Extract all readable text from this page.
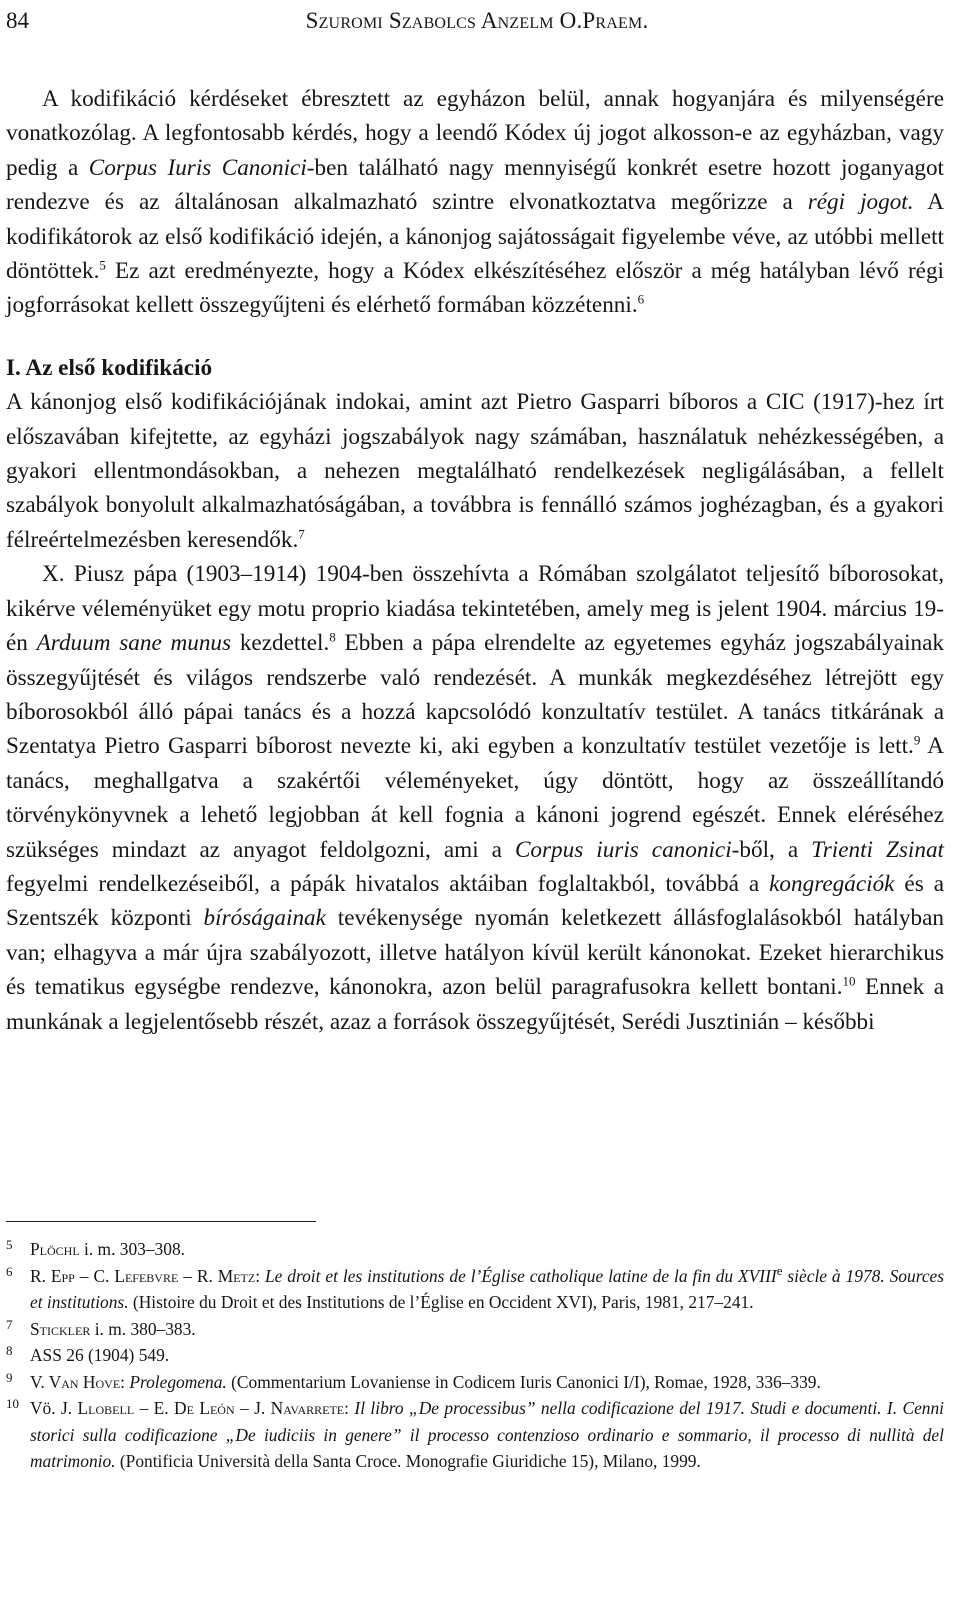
84	Szuromi Szabolcs Anzelm O.Praem.

A kodifikáció kérdéseket ébresztett az egyházon belül, annak hogyanjára és milyenségére vonatkozólag. A legfontosabb kérdés, hogy a leendő Kódex új jogot alkosson-e az egyházban, vagy pedig a Corpus Iuris Canonici-ben található nagy mennyiségű konkrét esetre hozott joganyagot rendezve és az általánosan alkalmazható szintre elvonatkoztatva megőrizze a régi jogot. A kodifikátorok az első kodifikáció idején, a kánonjog sajátosságait figyelembe véve, az utóbbi mellett döntöttek.$^5$ Ez azt eredményezte, hogy a Kódex elkészítéséhez először a még hatályban lévő régi jogforrásokat kellett összegyűjteni és elérhető formában közzétenni.$^6$

I. Az első kodifikáció

A kánonjog első kodifikációjának indokai, amint azt Pietro Gasparri bíboros a CIC (1917)-hez írt előszavában kifejtette, az egyházi jogszabályok nagy számában, használatuk nehézkességében, a gyakori ellentmondásokban, a nehezen megtalálható rendelkezések negligálásában, a fellelt szabályok bonyolult alkalmazhatóságában, a továbbra is fennálló számos joghézagban, és a gyakori félreértelmezésben keresendők.$^7$

X. Piusz pápa (1903–1914) 1904-ben összehívta a Rómában szolgálatot teljesítő bíborosokat, kikérve véleményüket egy motu proprio kiadása tekintetében, amely meg is jelent 1904. március 19-én Arduum sane munus kezdettel.$^8$ Ebben a pápa elrendelte az egyetemes egyház jogszabályainak összegyűjtését és világos rendszerbe való rendezését. A munkák megkezdéséhez létrejött egy bíborosokból álló pápai tanács és a hozzá kapcsolódó konzultatív testület. A tanács titkárának a Szentatya Pietro Gasparri bíborost nevezte ki, aki egyben a konzultatív testület vezetője is lett.$^9$ A tanács, meghallgatva a szakértői véleményeket, úgy döntött, hogy az összeállítandó törvénykönyvnek a lehető legjobban át kell fognia a kánoni jogrend egészét. Ennek eléréséhez szükséges mindazt az anyagot feldolgozni, ami a Corpus iuris canonici-ből, a Trienti Zsinat fegyelmi rendelkezéseiből, a pápák hivatalos aktáiban foglaltakból, továbbá a kongregációk és a Szentszék központi bíróságainak tevékenysége nyomán keletkezett állásfoglalásokból hatályban van; elhagyva a már újra szabályozott, illetve hatályon kívül került kánonokat. Ezeket hierarchikus és tematikus egységbe rendezve, kánonokra, azon belül paragrafusokra kellett bontani.$^{10}$ Ennek a munkának a legjelentősebb részét, azaz a források összegyűjtését, Serédi Jusztinián – későbbi

5 Plöchl i. m. 303–308.
6 R. Epp – C. Lefebvre – R. Metz: Le droit et les institutions de l’Église catholique latine de la fin du XVIIIe siècle à 1978. Sources et institutions. (Histoire du Droit et des Institutions de l’Église en Occident XVI), Paris, 1981, 217–241.
7 Stickler i. m. 380–383.
8 ASS 26 (1904) 549.
9 V. Van Hove: Prolegomena. (Commentarium Lovaniense in Codicem Iuris Canonici I/I), Romae, 1928, 336–339.
10 Vö. J. Llobell – E. De León – J. Navarrete: Il libro „De processibus” nella codificazione del 1917. Studi e documenti. I. Cenni storici sulla codificazione „De iudiciis in genere” il processo contenzioso ordinario e sommario, il processo di nullità del matrimonio. (Pontificia Università della Santa Croce. Monografie Giuridiche 15), Milano, 1999.
